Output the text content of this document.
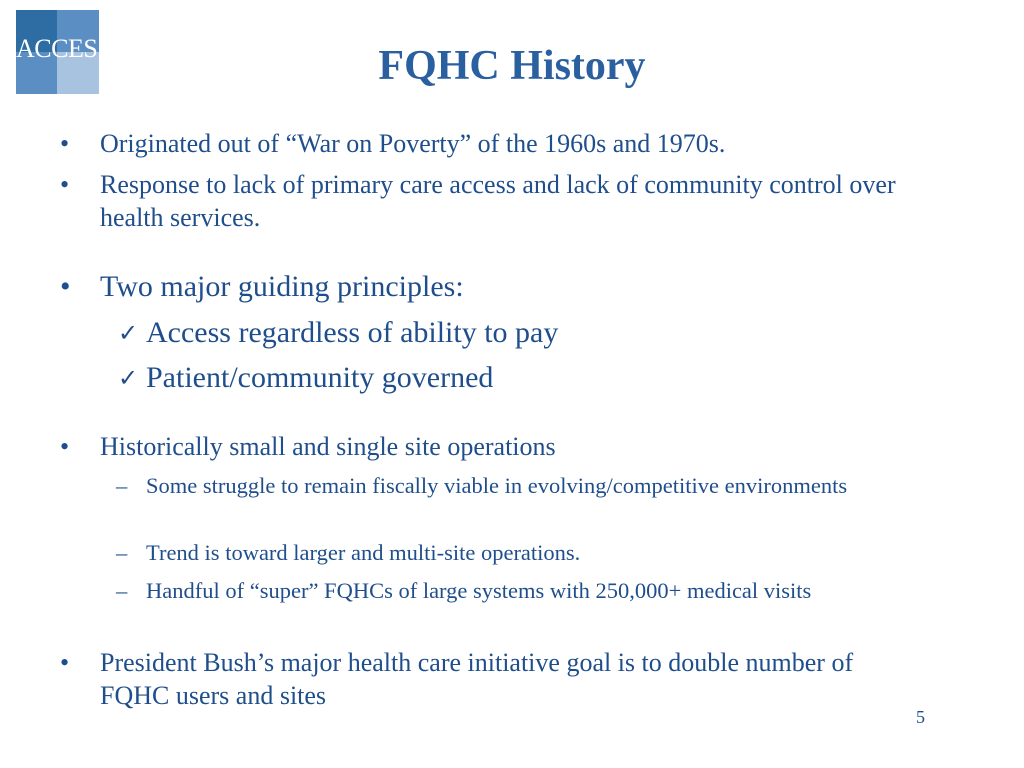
ACCESS	FQHC History
• Originated out of “War on Poverty” of the 1960s and 1970s.
• Response to lack of primary care access and lack of community control over health services.
• Two major guiding principles:
✓ Access regardless of ability to pay
✓ Patient/community governed
• Historically small and single site operations
– Some struggle to remain fiscally viable in evolving/competitive environments
– Trend is toward larger and multi-site operations.
– Handful of “super” FQHCs of large systems with 250,000+ medical visits
• President Bush’s major health care initiative goal is to double number of FQHC users and sites
5
